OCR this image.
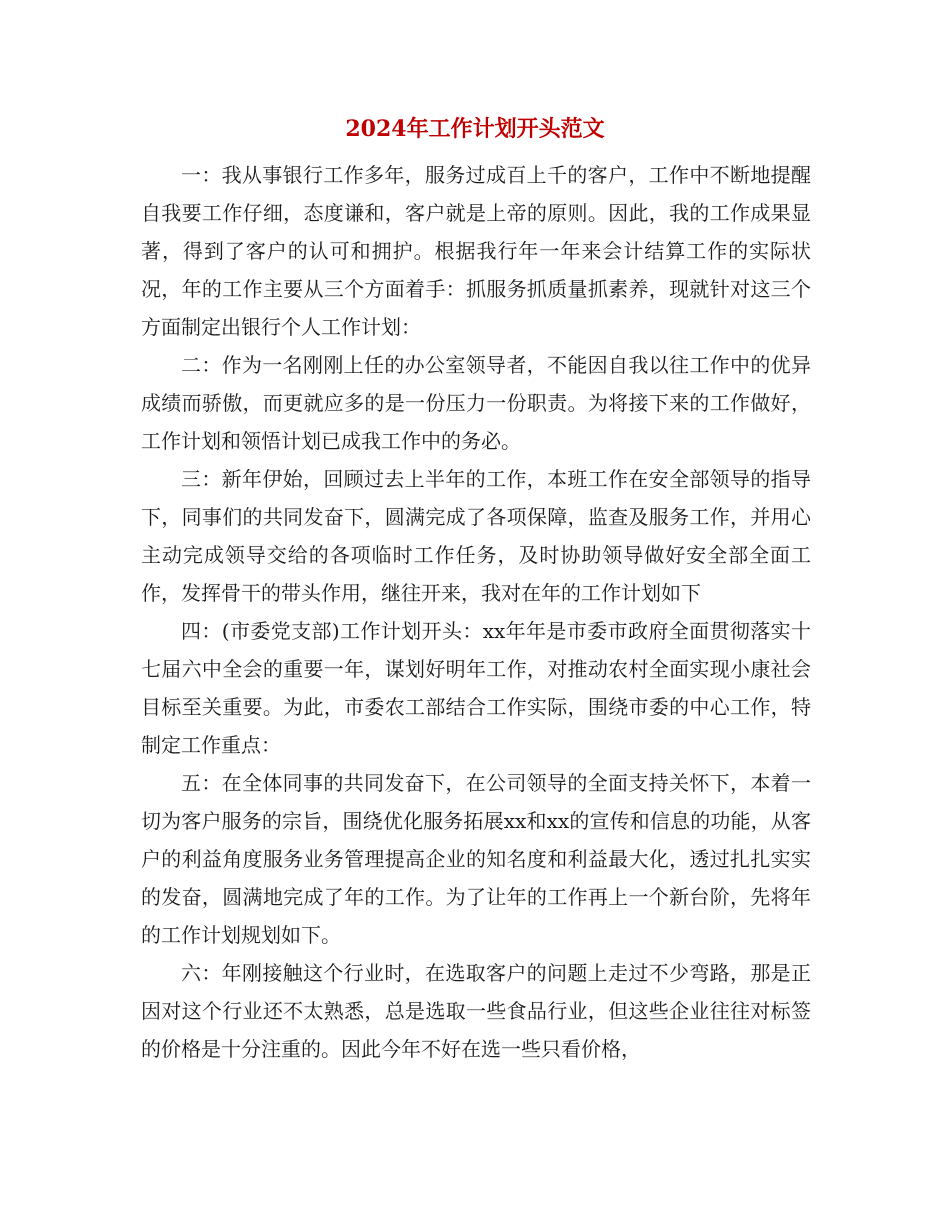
2024年工作计划开头范文

一：我从事银行工作多年，服务过成百上千的客户，工作中不断地提醒自我要工作仔细，态度谦和，客户就是上帝的原则。因此，我的工作成果显著，得到了客户的认可和拥护。根据我行年一年来会计结算工作的实际状况，年的工作主要从三个方面着手：抓服务抓质量抓素养，现就针对这三个方面制定出银行个人工作计划：

二：作为一名刚刚上任的办公室领导者，不能因自我以往工作中的优异成绩而骄傲，而更就应多的是一份压力一份职责。为将接下来的工作做好，工作计划和领悟计划已成我工作中的务必。

三：新年伊始，回顾过去上半年的工作，本班工作在安全部领导的指导下，同事们的共同发奋下，圆满完成了各项保障，监查及服务工作，并用心主动完成领导交给的各项临时工作任务，及时协助领导做好安全部全面工作，发挥骨干的带头作用，继往开来，我对在年的工作计划如下

四：(市委党支部)工作计划开头：xx年年是市委市政府全面贯彻落实十七届六中全会的重要一年，谋划好明年工作，对推动农村全面实现小康社会目标至关重要。为此，市委农工部结合工作实际，围绕市委的中心工作，特制定工作重点：

五：在全体同事的共同发奋下，在公司领导的全面支持关怀下，本着一切为客户服务的宗旨，围绕优化服务拓展xx和xx的宣传和信息的功能，从客户的利益角度服务业务管理提高企业的知名度和利益最大化，透过扎扎实实的发奋，圆满地完成了年的工作。为了让年的工作再上一个新台阶，先将年的工作计划规划如下。

六：年刚接触这个行业时，在选取客户的问题上走过不少弯路，那是正因对这个行业还不太熟悉，总是选取一些食品行业，但这些企业往往对标签的价格是十分注重的。因此今年不好在选一些只看价格，
